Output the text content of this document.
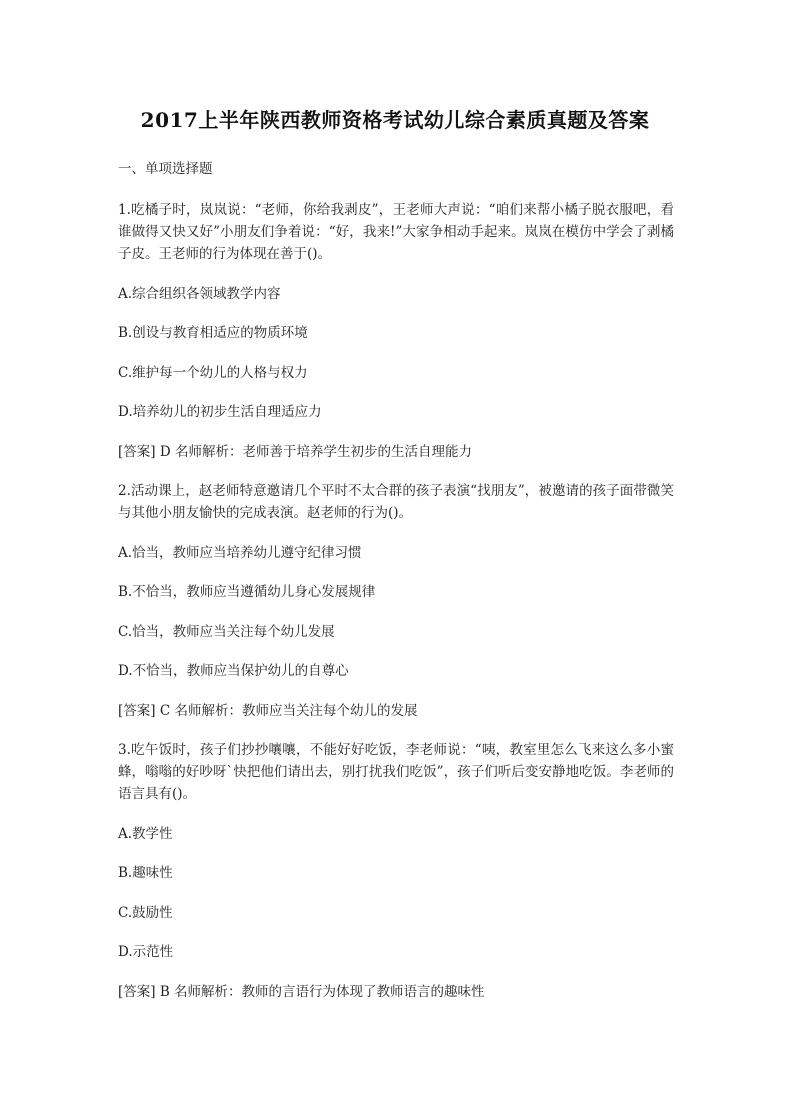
2017上半年陕西教师资格考试幼儿综合素质真题及答案

一、单项选择题

1.吃橘子时，岚岚说：“老师，你给我剥皮”，王老师大声说：“咱们来帮小橘子脱衣服吧，看谁做得又快又好”小朋友们争着说：“好，我来!”大家争相动手起来。岚岚在模仿中学会了剥橘子皮。王老师的行为体现在善于()。

A.综合组织各领域教学内容

B.创设与教育相适应的物质环境

C.维护每一个幼儿的人格与权力

D.培养幼儿的初步生活自理适应力

[答案] D 名师解析：老师善于培养学生初步的生活自理能力

2.活动课上，赵老师特意邀请几个平时不太合群的孩子表演“找朋友”，被邀请的孩子面带微笑与其他小朋友愉快的完成表演。赵老师的行为()。

A.恰当，教师应当培养幼儿遵守纪律习惯

B.不恰当，教师应当遵循幼儿身心发展规律

C.恰当，教师应当关注每个幼儿发展

D.不恰当，教师应当保护幼儿的自尊心

[答案] C 名师解析：教师应当关注每个幼儿的发展

3.吃午饭时，孩子们抄抄嚷嚷，不能好好吃饭，李老师说：“咦，教室里怎么飞来这么多小蜜蜂，嗡嗡的好吵呀`快把他们请出去，别打扰我们吃饭”，孩子们听后变安静地吃饭。李老师的语言具有()。

A.教学性

B.趣味性

C.鼓励性

D.示范性

[答案] B 名师解析：教师的言语行为体现了教师语言的趣味性
